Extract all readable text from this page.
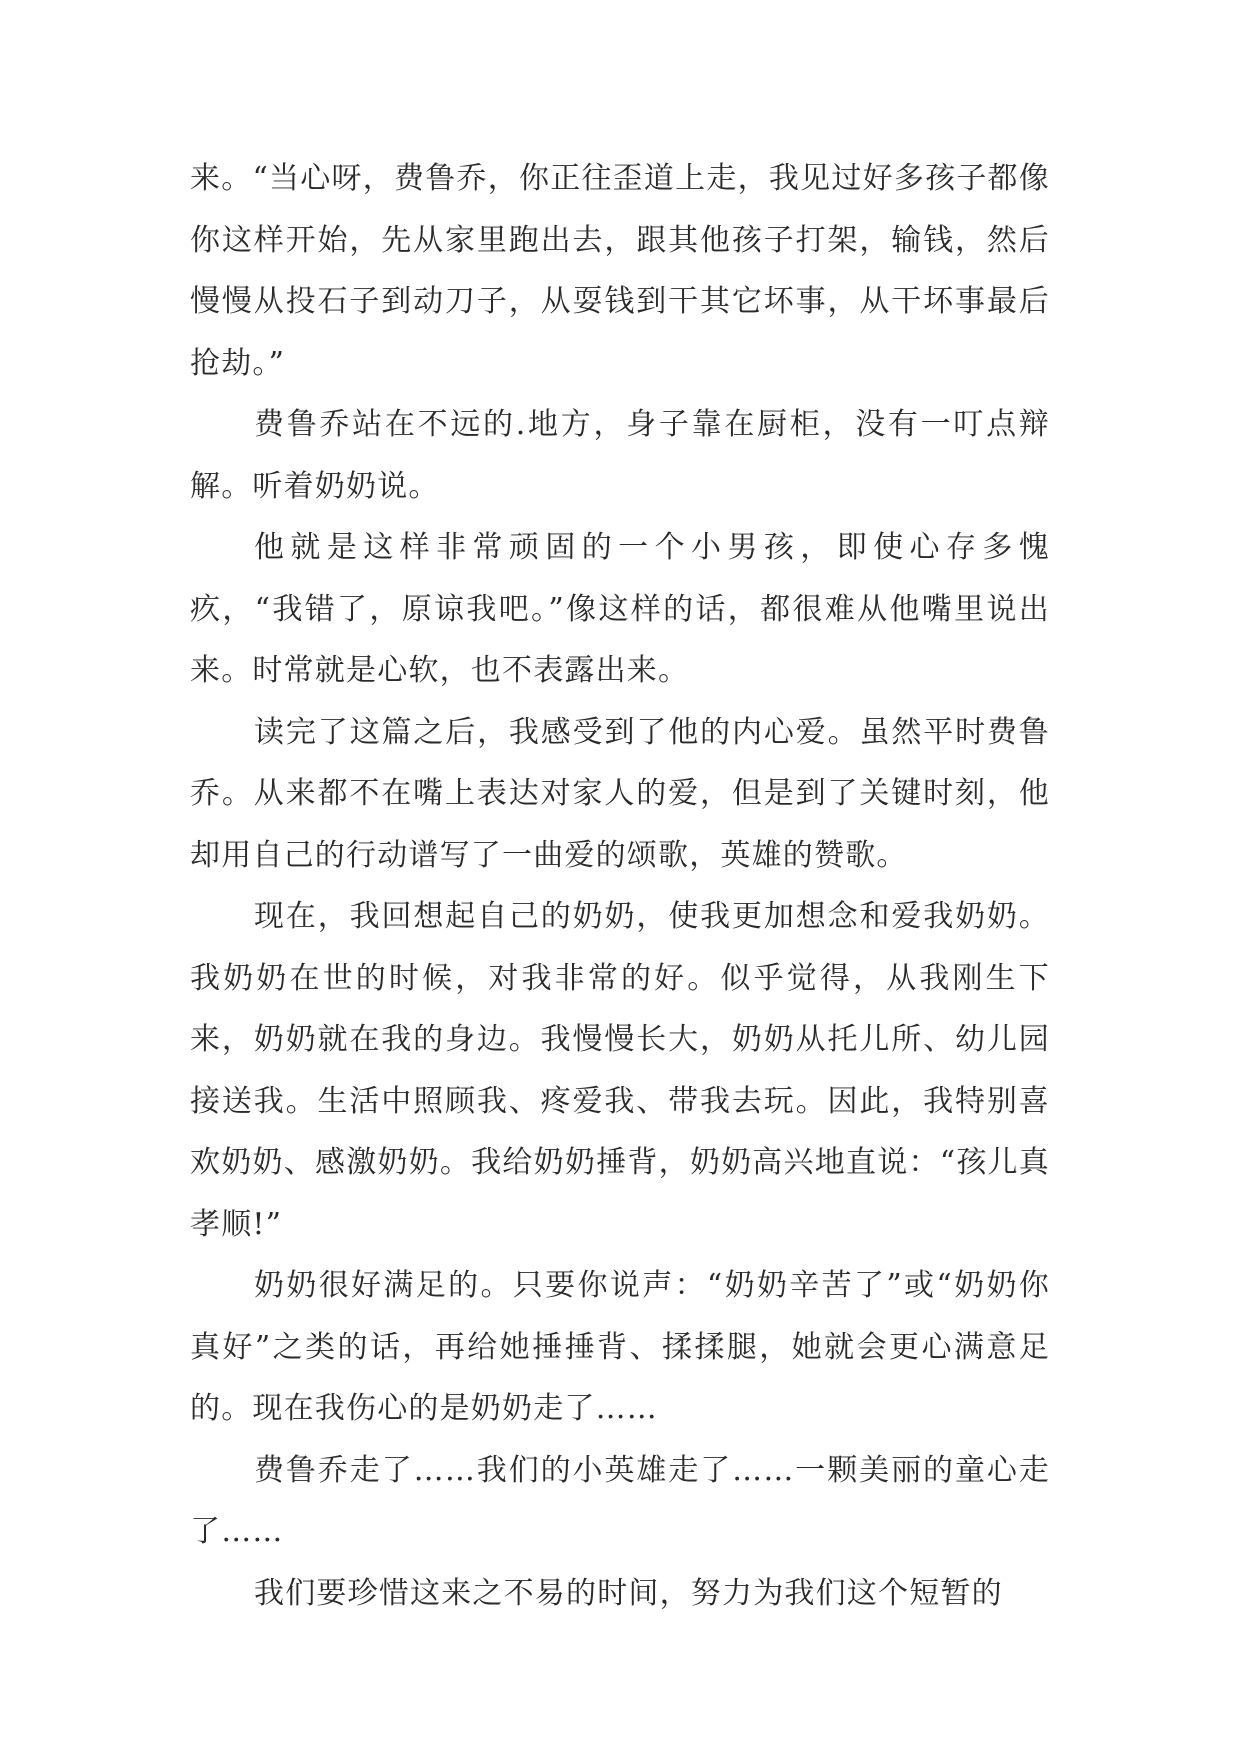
来。“当心呀，费鲁乔，你正往歪道上走，我见过好多孩子都像你这样开始，先从家里跑出去，跟其他孩子打架，输钱，然后慢慢从投石子到动刀子，从耍钱到干其它坏事，从干坏事最后抢劫。”

费鲁乔站在不远的.地方，身子靠在厨柜，没有一叮点辩解。听着奶奶说。

他就是这样非常顽固的一个小男孩，即使心存多愧疚，“我错了，原谅我吧。”像这样的话，都很难从他嘴里说出来。时常就是心软，也不表露出来。

读完了这篇之后，我感受到了他的内心爱。虽然平时费鲁乔。从来都不在嘴上表达对家人的爱，但是到了关键时刻，他却用自己的行动谱写了一曲爱的颂歌，英雄的赞歌。

现在，我回想起自己的奶奶，使我更加想念和爱我奶奶。我奶奶在世的时候，对我非常的好。似乎觉得，从我刚生下来，奶奶就在我的身边。我慢慢长大，奶奶从托儿所、幼儿园接送我。生活中照顾我、疼爱我、带我去玩。因此，我特别喜欢奶奶、感激奶奶。我给奶奶捶背，奶奶高兴地直说：“孩儿真孝顺!”

奶奶很好满足的。只要你说声：“奶奶辛苦了”或“奶奶你真好”之类的话，再给她捶捶背、揉揉腿，她就会更心满意足的。现在我伤心的是奶奶走了……

费鲁乔走了……我们的小英雄走了……一颗美丽的童心走了……

我们要珍惜这来之不易的时间，努力为我们这个短暂的
